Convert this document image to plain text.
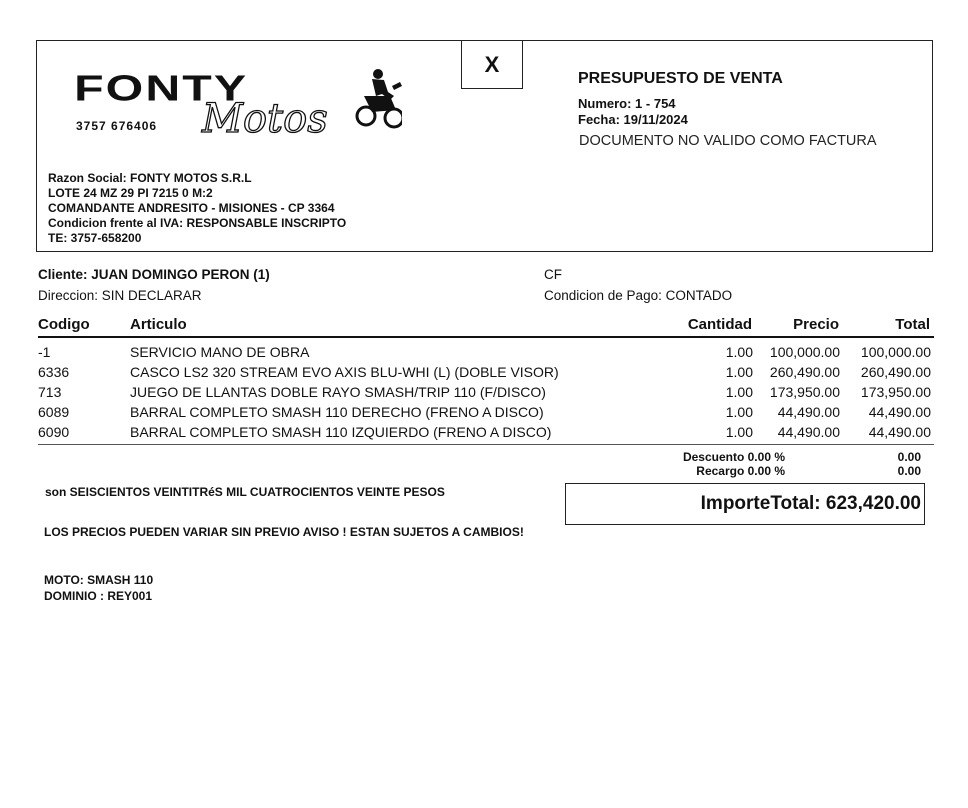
X
FONTY
Motos
3757 676406
PRESUPUESTO DE VENTA
Numero: 1 - 754
Fecha: 19/11/2024
DOCUMENTO NO VALIDO COMO FACTURA
Razon Social: FONTY MOTOS S.R.L
LOTE 24 MZ 29 PI 7215 0 M:2
COMANDANTE ANDRESITO - MISIONES - CP 3364
Condicion frente al IVA: RESPONSABLE INSCRIPTO
TE: 3757-658200
Cliente: JUAN DOMINGO PERON (1)
Direccion: SIN DECLARAR
CF
Condicion de Pago: CONTADO
Codigo	Articulo	Cantidad	Precio	Total
-1	SERVICIO MANO DE OBRA	1.00	100,000.00	100,000.00
6336	CASCO LS2 320 STREAM EVO AXIS BLU-WHI (L) (DOBLE VISOR)	1.00	260,490.00	260,490.00
713	JUEGO DE LLANTAS DOBLE RAYO SMASH/TRIP 110 (F/DISCO)	1.00	173,950.00	173,950.00
6089	BARRAL COMPLETO SMASH 110 DERECHO (FRENO A DISCO)	1.00	44,490.00	44,490.00
6090	BARRAL COMPLETO SMASH 110 IZQUIERDO (FRENO A DISCO)	1.00	44,490.00	44,490.00
Descuento 0.00 %	0.00
Recargo 0.00 %	0.00
son SEISCIENTOS VEINTITRéS MIL CUATROCIENTOS VEINTE PESOS
ImporteTotal: 623,420.00
LOS PRECIOS PUEDEN VARIAR SIN PREVIO AVISO ! ESTAN SUJETOS A CAMBIOS!
MOTO: SMASH 110
DOMINIO : REY001
